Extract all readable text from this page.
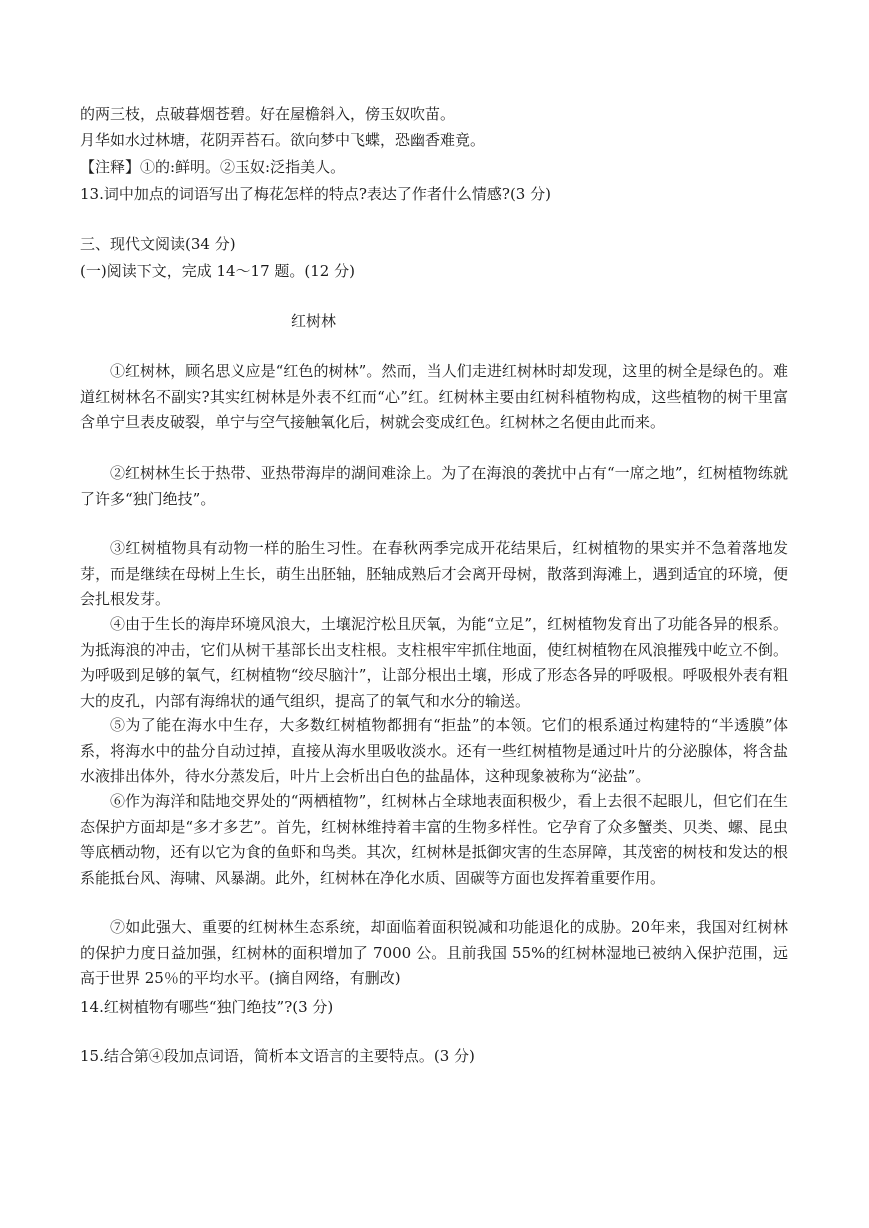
的两三枝，点破暮烟苍碧。好在屋檐斜入，傍玉奴吹苗。
月华如水过林塘，花阴弄苔石。欲向梦中飞蝶，恐幽香难竟。
【注释】①的:鲜明。②玉奴:泛指美人。
13.词中加点的词语写出了梅花怎样的特点?表达了作者什么情感?(3 分)
三、现代文阅读(34 分)
(一)阅读下文，完成 14～17 题。(12 分)
红树林

①红树林，顾名思义应是“红色的树林”。然而，当人们走进红树林时却发现，这里的树全是绿色的。难道红树林名不副实?其实红树林是外表不红而“心”红。红树林主要由红树科植物构成，这些植物的树干里富含单宁旦表皮破裂，单宁与空气接触氧化后，树就会变成红色。红树林之名便由此而来。

②红树林生长于热带、亚热带海岸的湖间难涂上。为了在海浪的袭扰中占有“一席之地”，红树植物练就了许多“独门绝技”。

③红树植物具有动物一样的胎生习性。在春秋两季完成开花结果后，红树植物的果实并不急着落地发芽，而是继续在母树上生长，萌生出胚轴，胚轴成熟后才会离开母树，散落到海滩上，遇到适宜的环境，便会扎根发芽。

④由于生长的海岸环境风浪大，土壤泥泞松且厌氧，为能“立足”，红树植物发育出了功能各异的根系。为抵海浪的冲击，它们从树干基部长出支柱根。支柱根牢牢抓住地面，使红树植物在风浪摧残中屹立不倒。为呼吸到足够的氧气，红树植物“绞尽脑汁”，让部分根出土壤，形成了形态各异的呼吸根。呼吸根外表有粗大的皮孔，内部有海绵状的通气组织，提高了的氧气和水分的输送。

⑤为了能在海水中生存，大多数红树植物都拥有“拒盐”的本领。它们的根系通过构建特的“半透膜”体系，将海水中的盐分自动过掉，直接从海水里吸收淡水。还有一些红树植物是通过叶片的分泌腺体，将含盐水液排出体外，待水分蒸发后，叶片上会析出白色的盐晶体，这种现象被称为“泌盐”。

⑥作为海洋和陆地交界处的“两栖植物”，红树林占全球地表面积极少，看上去很不起眼儿，但它们在生态保护方面却是“多才多艺”。首先，红树林维持着丰富的生物多样性。它孕育了众多蟹类、贝类、螺、昆虫等底栖动物，还有以它为食的鱼虾和鸟类。其次，红树林是抵御灾害的生态屏障，其茂密的树枝和发达的根系能抵台风、海啸、风暴湖。此外，红树林在净化水质、固碳等方面也发挥着重要作用。

⑦如此强大、重要的红树林生态系统，却面临着面积锐减和功能退化的成胁。20年来，我国对红树林的保护力度日益加强，红树林的面积增加了 7000 公。且前我国 55%的红树林湿地已被纳入保护范围，远高于世界 25％的平均水平。(摘自网络，有删改)

14.红树植物有哪些“独门绝技”?(3 分)
15.结合第④段加点词语，简析本文语言的主要特点。(3 分)
